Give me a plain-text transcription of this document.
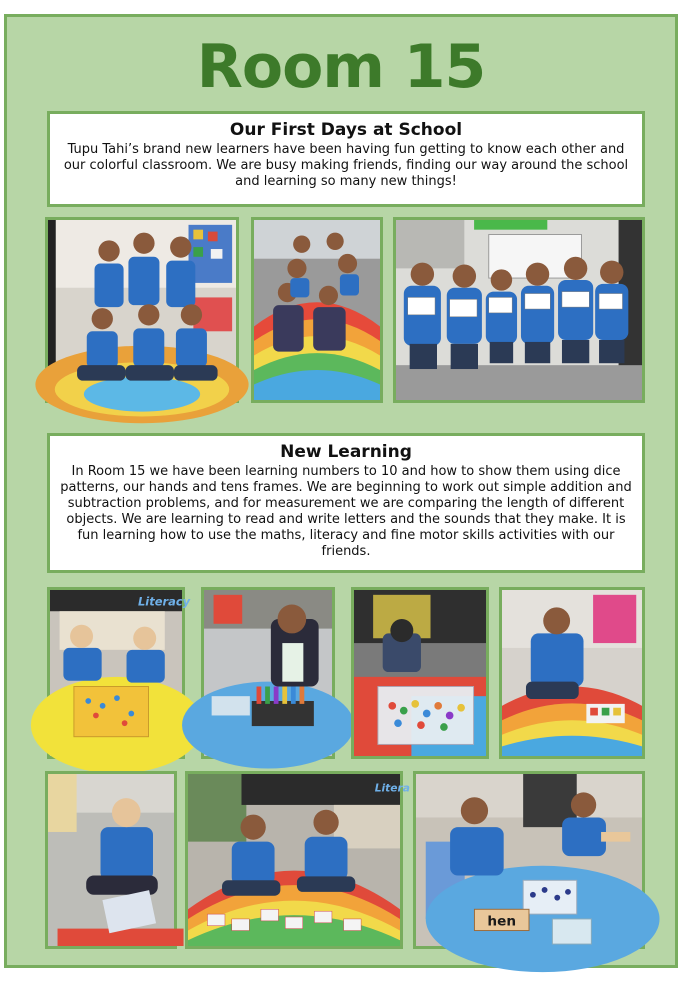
Room 15
Our First Days at School

Tupu Tahi’s brand new learners have been having fun getting to know each other and our colorful classroom. We are busy making friends, finding our way around the school and learning so many new things!

New Learning

In Room 15 we have been learning numbers to 10 and how to show them using dice patterns, our hands and tens frames. We are beginning to work out simple addition and subtraction problems, and for measurement we are comparing the length of different objects. We are learning to read and write letters and the sounds that they make. It is fun learning how to use the maths, literacy and fine motor skills activities with our friends.

Literacy
Litera
hen
